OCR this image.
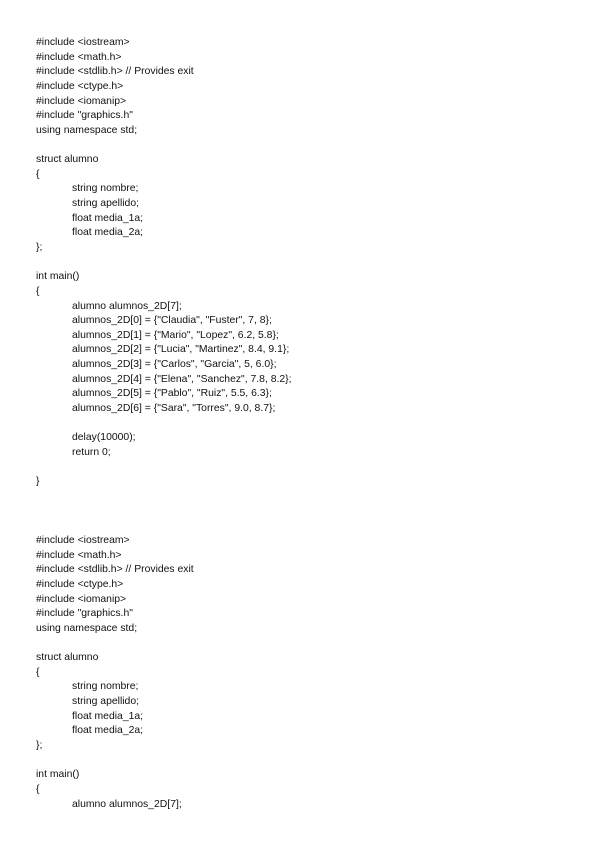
#include <iostream>
#include <math.h>
#include <stdlib.h> // Provides exit
#include <ctype.h>
#include <iomanip>
#include "graphics.h"
using namespace std;
struct alumno
{
string nombre;
string apellido;
float media_1a;
float media_2a;
};
int main()
{
alumno alumnos_2D[7];
alumnos_2D[0] = {"Claudia", "Fuster", 7, 8};
alumnos_2D[1] = {"Mario", "Lopez", 6.2, 5.8};
alumnos_2D[2] = {"Lucia", "Martinez", 8.4, 9.1};
alumnos_2D[3] = {"Carlos", "Garcia", 5, 6.0};
alumnos_2D[4] = {"Elena", "Sanchez", 7.8, 8.2};
alumnos_2D[5] = {"Pablo", "Ruiz", 5.5, 6.3};
alumnos_2D[6] = {"Sara", "Torres", 9.0, 8.7};
delay(10000);
return 0;
}
#include <iostream>
#include <math.h>
#include <stdlib.h> // Provides exit
#include <ctype.h>
#include <iomanip>
#include "graphics.h"
using namespace std;
struct alumno
{
string nombre;
string apellido;
float media_1a;
float media_2a;
};
int main()
{
alumno alumnos_2D[7];
